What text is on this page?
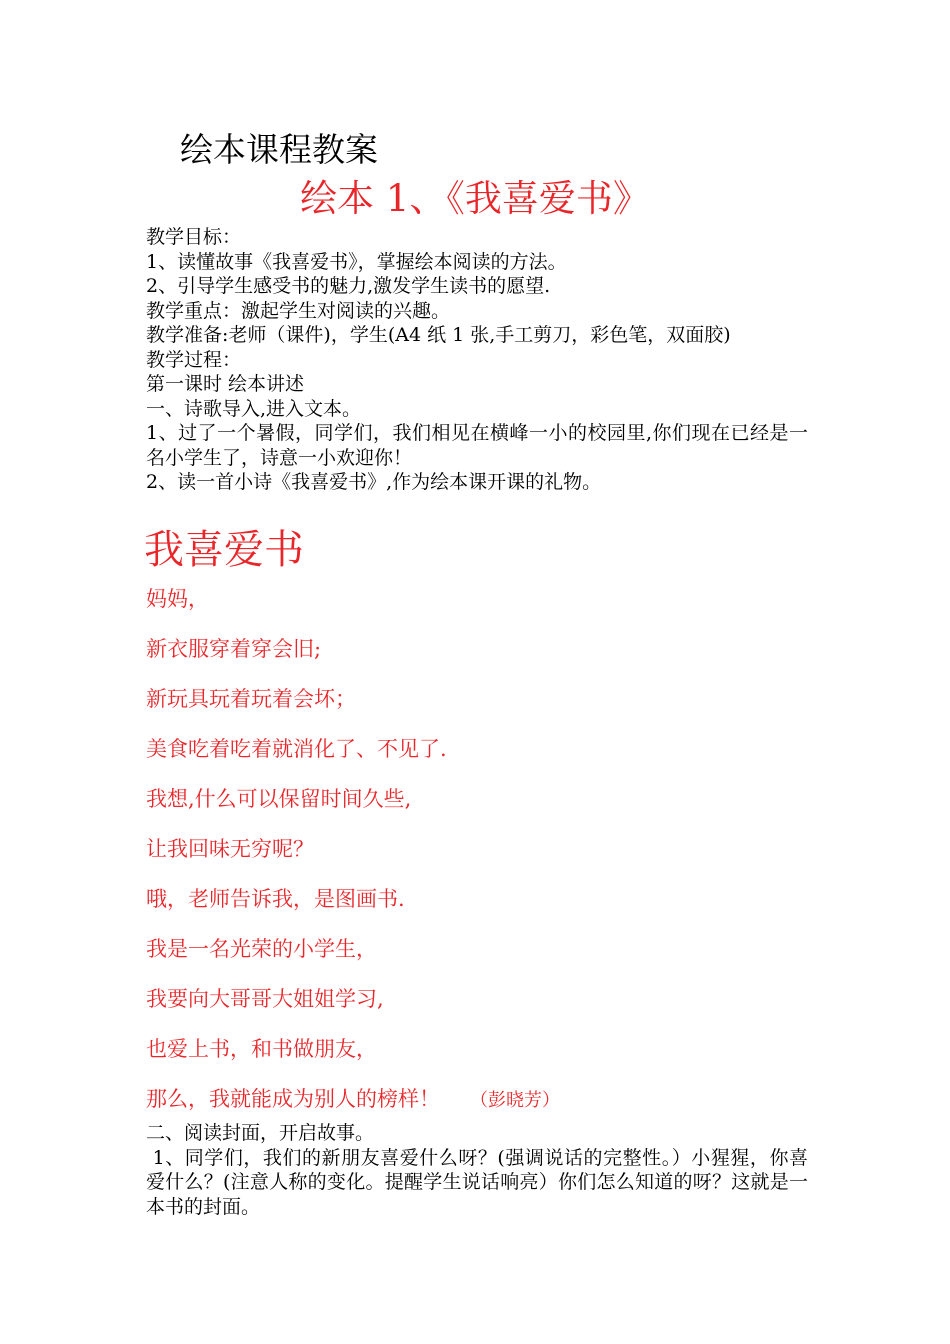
绘本课程教案
绘本 1、《我喜爱书》

教学目标：

1、读懂故事《我喜爱书》，掌握绘本阅读的方法。

2、引导学生感受书的魅力,激发学生读书的愿望.

教学重点：激起学生对阅读的兴趣。

教学准备:老师（课件)，学生(A4 纸 1 张,手工剪刀，彩色笔，双面胶)

教学过程：

第一课时 绘本讲述

一、诗歌导入,进入文本。

1、过了一个暑假，同学们，我们相见在横峰一小的校园里,你们现在已经是一名小学生了，诗意一小欢迎你！

2、读一首小诗《我喜爱书》,作为绘本课开课的礼物。

我喜爱书

妈妈，

新衣服穿着穿会旧;

新玩具玩着玩着会坏；

美食吃着吃着就消化了、不见了.

我想,什么可以保留时间久些,

让我回味无穷呢？

哦，老师告诉我，是图画书.

我是一名光荣的小学生，

我要向大哥哥大姐姐学习,

也爱上书，和书做朋友，

那么，我就能成为别人的榜样！ （彭晓芳）

二、阅读封面，开启故事。

1、同学们，我们的新朋友喜爱什么呀？(强调说话的完整性。）小猩猩，你喜爱什么？(注意人称的变化。提醒学生说话响亮）你们怎么知道的呀？这就是一本书的封面。
